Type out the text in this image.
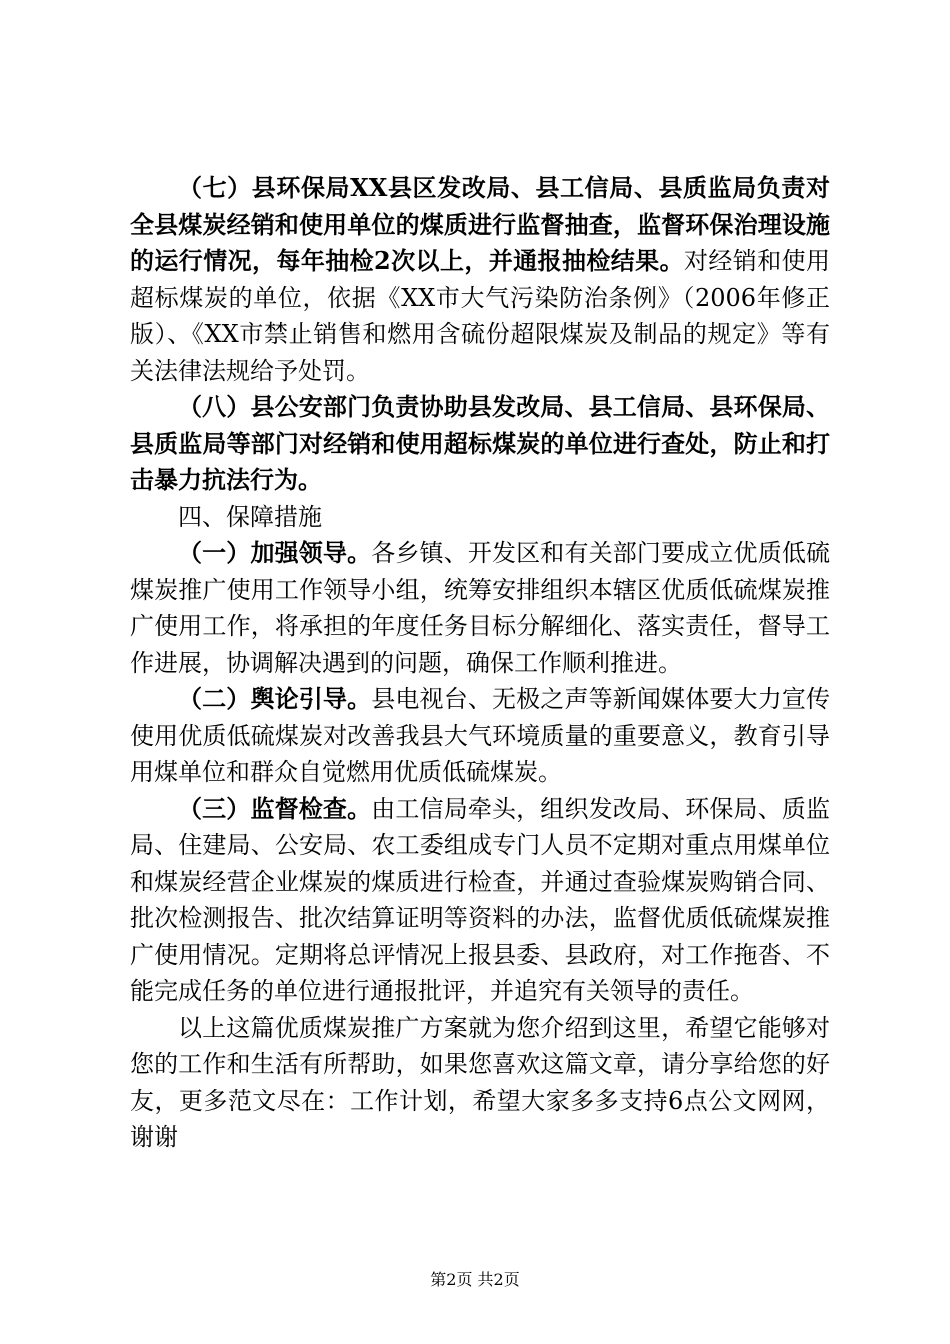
（七）县环保局XX县区发改局、县工信局、县质监局负责对全县煤炭经销和使用单位的煤质进行监督抽查，监督环保治理设施的运行情况，每年抽检2次以上，并通报抽检结果。对经销和使用超标煤炭的单位，依据《XX市大气污染防治条例》（2006年修正版）、《XX市禁止销售和燃用含硫份超限煤炭及制品的规定》等有关法律法规给予处罚。

（八）县公安部门负责协助县发改局、县工信局、县环保局、县质监局等部门对经销和使用超标煤炭的单位进行查处，防止和打击暴力抗法行为。

四、保障措施

（一）加强领导。各乡镇、开发区和有关部门要成立优质低硫煤炭推广使用工作领导小组，统筹安排组织本辖区优质低硫煤炭推广使用工作，将承担的年度任务目标分解细化、落实责任，督导工作进展，协调解决遇到的问题，确保工作顺利推进。

（二）舆论引导。县电视台、无极之声等新闻媒体要大力宣传使用优质低硫煤炭对改善我县大气环境质量的重要意义，教育引导用煤单位和群众自觉燃用优质低硫煤炭。

（三）监督检查。由工信局牵头，组织发改局、环保局、质监局、住建局、公安局、农工委组成专门人员不定期对重点用煤单位和煤炭经营企业煤炭的煤质进行检查，并通过查验煤炭购销合同、批次检测报告、批次结算证明等资料的办法，监督优质低硫煤炭推广使用情况。定期将总评情况上报县委、县政府，对工作拖沓、不能完成任务的单位进行通报批评，并追究有关领导的责任。

以上这篇优质煤炭推广方案就为您介绍到这里，希望它能够对您的工作和生活有所帮助，如果您喜欢这篇文章，请分享给您的好友，更多范文尽在：工作计划，希望大家多多支持6点公文网网，谢谢

第2页 共2页
